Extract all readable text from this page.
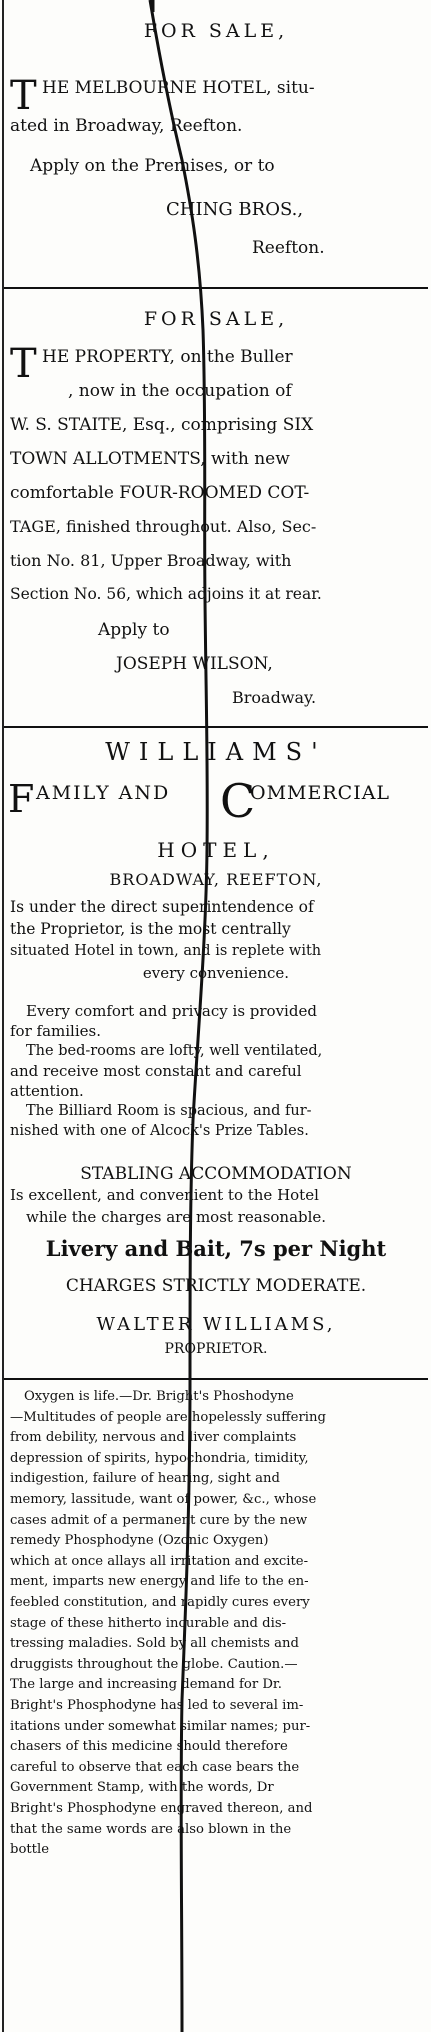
FOR SALE,
T HE MELBOURNE HOTEL, situ-
ated in Broadway, Reefton.
Apply on the Premises, or to
CHING BROS.,
Reefton.
FOR SALE,
T HE PROPERTY, on the Buller
, now in the occupation of
W. S. STAITE, Esq., comprising SIX
TOWN ALLOTMENTS, with new
comfortable FOUR-ROOMED COT-
TAGE, finished throughout. Also, Sec-
tion No. 81, Upper Broadway, with
Section No. 56, which adjoins it at rear.
Apply to
JOSEPH WILSON,
Broadway.
WILLIAMS'
F AMILY AND C
OMMERCIAL
HOTEL,
BROADWAY, REEFTON,
Is under the direct superintendence of
the Proprietor, is the most centrally
situated Hotel in town, and is replete with
every convenience.
Every comfort and privacy is provided
for families.
The bed-rooms are lofty, well ventilated,
and receive most constant and careful
attention.
The Billiard Room is spacious, and fur-
nished with one of Alcock's Prize Tables.
STABLING ACCOMMODATION
Is excellent, and convenient to the Hotel
while the charges are most reasonable.
Livery and Bait, 7s per Night
CHARGES STRICTLY MODERATE.
WALTER WILLIAMS,
PROPRIETOR.
Oxygen is life.—Dr. Bright's Phoshodyne
—Multitudes of people are hopelessly suffering
from debility, nervous and liver complaints
depression of spirits, hypochondria, timidity,
indigestion, failure of hearing, sight and
memory, lassitude, want of power, &c., whose
cases admit of a permanent cure by the new
remedy Phosphodyne (Ozonic Oxygen)
which at once allays all irritation and excite-
ment, imparts new energy and life to the en-
feebled constitution, and rapidly cures every
stage of these hitherto incurable and dis-
tressing maladies. Sold by all chemists and
druggists throughout the globe. Caution.—
The large and increasing demand for Dr.
Bright's Phosphodyne has led to several im-
itations under somewhat similar names; pur-
chasers of this medicine should therefore
careful to observe that each case bears the
Government Stamp, with the words, Dr
Bright's Phosphodyne engraved thereon, and
that the same words are also blown in the
bottle
